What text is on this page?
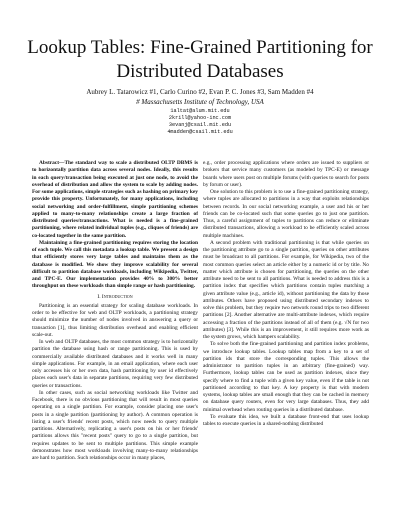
Lookup Tables: Fine-Grained Partitioning for
Distributed Databases
Aubrey L. Tatarowicz #1, Carlo Curino #2, Evan P. C. Jones #3, Sam Madden #4
# Massachusetts Institute of Technology, USA
1altat@alum.mit.edu
2krill@yahoo-inc.com
3evanj@csail.mit.edu
4madden@csail.mit.edu

Abstract—The standard way to scale a distributed OLTP DBMS is to horizontally partition data across several nodes. Ideally, this results in each query/transaction being executed at just one node, to avoid the overhead of distribution and allow the system to scale by adding nodes. For some applications, simple strategies such as hashing on primary key provide this property. Unfortunately, for many applications, including social networking and order-fulfillment, simple partitioning schemes applied to many-to-many relationships create a large fraction of distributed queries/transactions. What is needed is a fine-grained partitioning, where related individual tuples (e.g., cliques of friends) are co-located together in the same partition.

Maintaining a fine-grained partitioning requires storing the location of each tuple. We call this metadata a lookup table. We present a design that efficiently stores very large tables and maintains them as the database is modified. We show they improve scalability for several difficult to partition database workloads, including Wikipedia, Twitter, and TPC-E. Our implementation provides 40% to 300% better throughput on these workloads than simple range or hash partitioning.

I. Introduction

Partitioning is an essential strategy for scaling database workloads. In order to be effective for web and OLTP workloads, a partitioning strategy should minimize the number of nodes involved in answering a query or transaction [1], thus limiting distribution overhead and enabling efficient scale-out.

In web and OLTP databases, the most common strategy is to horizontally partition the database using hash or range partitioning. This is used by commercially available distributed databases and it works well in many simple applications. For example, in an email application, where each user only accesses his or her own data, hash partitioning by user id effectively places each user's data in separate partitions, requiring very few distributed queries or transactions.

In other cases, such as social networking workloads like Twitter and Facebook, there is no obvious partitioning that will result in most queries operating on a single partition. For example, consider placing one user's posts in a single partition (partitioning by author). A common operation is listing a user's friends' recent posts, which now needs to query multiple partitions. Alternatively, replicating a user's posts on his or her friends' partitions allows this "recent posts" query to go to a single partition, but requires updates to be sent to multiple partitions. This simple example demonstrates how most workloads involving many-to-many relationships are hard to partition. Such relationships occur in many places,

e.g., order processing applications where orders are issued to suppliers or brokers that service many customers (as modeled by TPC-E) or message boards where users post on multiple forums (with queries to search for posts by forum or user).

One solution to this problem is to use a fine-grained partitioning strategy, where tuples are allocated to partitions in a way that exploits relationships between records. In our social networking example, a user and his or her friends can be co-located such that some queries go to just one partition. Thus, a careful assignment of tuples to partitions can reduce or eliminate distributed transactions, allowing a workload to be efficiently scaled across multiple machines.

A second problem with traditional partitioning is that while queries on the partitioning attribute go to a single partition, queries on other attributes must be broadcast to all partitions. For example, for Wikipedia, two of the most common queries select an article either by a numeric id or by title. No matter which attribute is chosen for partitioning, the queries on the other attribute need to be sent to all partitions. What is needed to address this is a partition index that specifies which partitions contain tuples matching a given attribute value (e.g., article id), without partitioning the data by those attributes. Others have proposed using distributed secondary indexes to solve this problem, but they require two network round trips to two different partitions [2]. Another alternative are multi-attribute indexes, which require accessing a fraction of the partitions instead of all of them (e.g. √N for two attributes) [3]. While this is an improvement, it still requires more work as the system grows, which hampers scalability.

To solve both the fine-grained partitioning and partition index problems, we introduce lookup tables. Lookup tables map from a key to a set of partition ids that store the corresponding tuples. This allows the administrator to partition tuples in an arbitrary (fine-grained) way. Furthermore, lookup tables can be used as partition indexes, since they specify where to find a tuple with a given key value, even if the table is not partitioned according to that key. A key property is that with modern systems, lookup tables are small enough that they can be cached in memory on database query routers, even for very large databases. Thus, they add minimal overhead when routing queries in a distributed database.

To evaluate this idea, we built a database front-end that uses lookup tables to execute queries in a shared-nothing distributed
